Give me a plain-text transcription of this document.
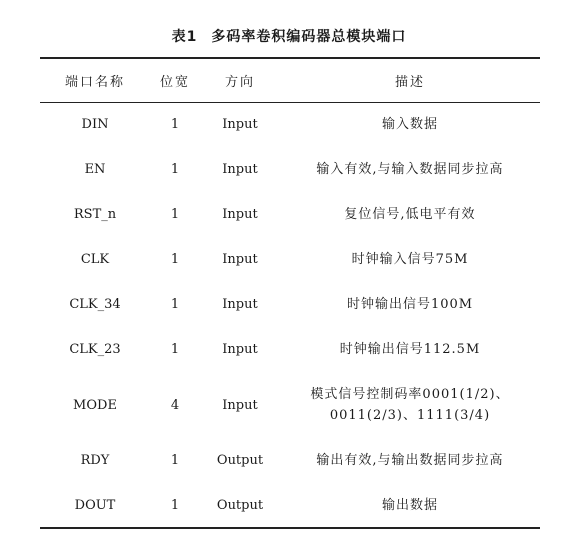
表1 多码率卷积编码器总模块端口
端口名称	位宽	方向	描述
DIN	1	Input	输入数据
EN	1	Input	输入有效,与输入数据同步拉高
RST_n	1	Input	复位信号,低电平有效
CLK	1	Input	时钟输入信号75M
CLK_34	1	Input	时钟输出信号100M
CLK_23	1	Input	时钟输出信号112.5M
MODE	4	Input	模式信号控制码率0001(1/2)、
0011(2/3)、1111(3/4)
RDY	1	Output	输出有效,与输出数据同步拉高
DOUT	1	Output	输出数据
